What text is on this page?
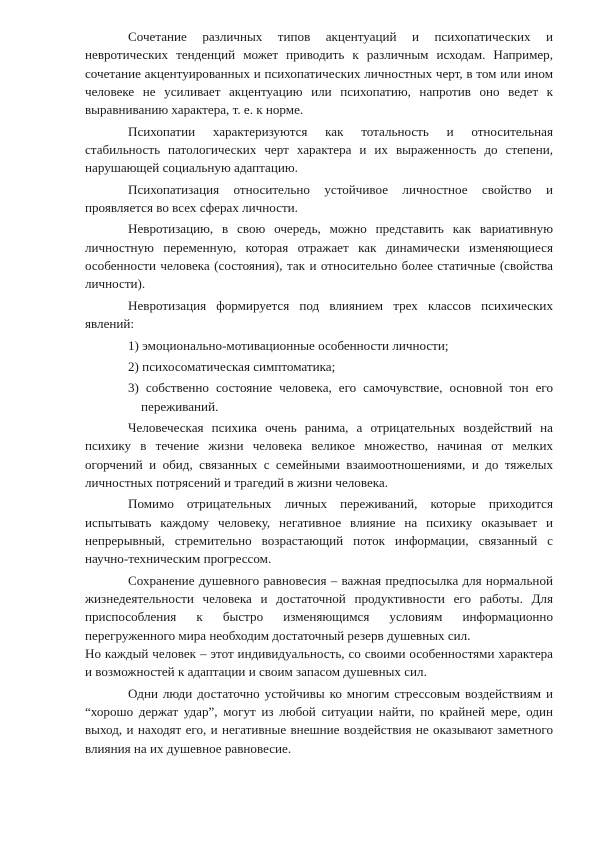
Сочетание различных типов акцентуаций и психопатических и невротических тенденций может приводить к различным исходам. Например, сочетание акцентуированных и психопатических личностных черт, в том или ином человеке не усиливает акцентуацию или психопатию, напротив оно ведет к выравниванию характера, т. е. к норме.

Психопатии характеризуются как тотальность и относительная стабильность патологических черт характера и их выраженность до степени, нарушающей социальную адаптацию.

Психопатизация относительно устойчивое личностное свойство и проявляется во всех сферах личности.

Невротизацию, в свою очередь, можно представить как вариативную личностную переменную, которая отражает как динамически изменяющиеся особенности человека (состояния), так и относительно более статичные (свойства личности).

Невротизация формируется под влиянием трех классов психических явлений:

1) эмоционально-мотивационные особенности личности;

2) психосоматическая симптоматика;

3) собственно состояние человека, его самочувствие, основной тон его переживаний.

Человеческая психика очень ранима, а отрицательных воздействий на психику в течение жизни человека великое множество, начиная от мелких огорчений и обид, связанных с семейными взаимоотношениями, и до тяжелых личностных потрясений и трагедий в жизни человека.

Помимо отрицательных личных переживаний, которые приходится испытывать каждому человеку, негативное влияние на психику оказывает и непрерывный, стремительно возрастающий поток информации, связанный с научно-техническим прогрессом.

Сохранение душевного равновесия – важная предпосылка для нормальной жизнедеятельности человека и достаточной продуктивности его работы. Для приспособления к быстро изменяющимся условиям информационно перегруженного мира необходим достаточный резерв душевных сил.

Но каждый человек – этот индивидуальность, со своими особенностями характера и возможностей к адаптации и своим запасом душевных сил.

Одни люди достаточно устойчивы ко многим стрессовым воздействиям и “хорошо держат удар”, могут из любой ситуации найти, по крайней мере, один выход, и находят его, и негативные внешние воздействия не оказывают заметного влияния на их душевное равновесие.
